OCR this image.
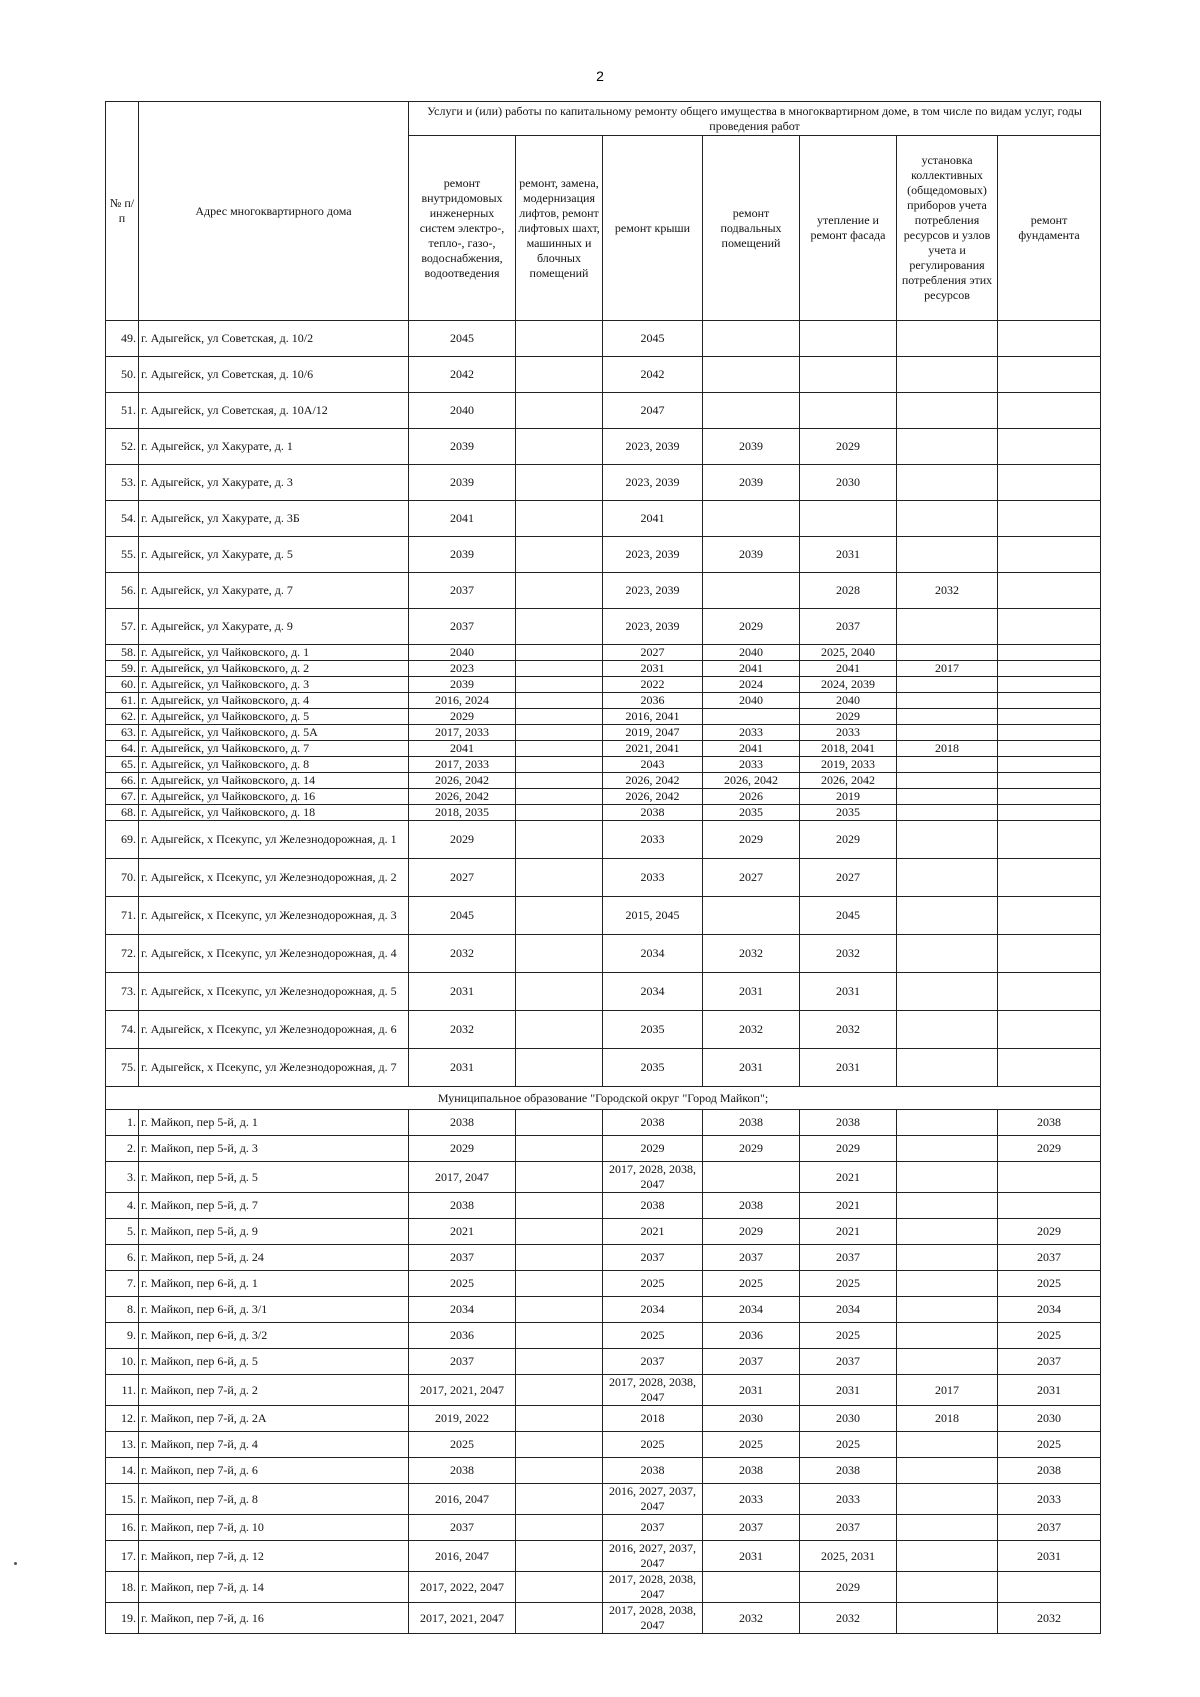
2
№ п/п	Адрес многоквартирного дома	Услуги и (или) работы по капитальному ремонту общего имущества в многоквартирном доме, в том числе по видам услуг, годы проведения работ						
		ремонт внутридомовых инженерных систем электро-, тепло-, газо-, водоснабжения, водоотведения	ремонт, замена, модернизация лифтов, ремонт лифтовых шахт, машинных и блочных помещений	ремонт крыши	ремонт подвальных помещений	утепление и ремонт фасада	установка коллективных (общедомовых) приборов учета потребления ресурсов и узлов учета и регулирования потребления этих ресурсов	ремонт фундамента
49.	г. Адыгейск, ул Советская, д. 10/2	2045		2045				
50.	г. Адыгейск, ул Советская, д. 10/6	2042		2042				
51.	г. Адыгейск, ул Советская, д. 10А/12	2040		2047				
52.	г. Адыгейск, ул Хакурате, д. 1	2039		2023, 2039	2039	2029		
53.	г. Адыгейск, ул Хакурате, д. 3	2039		2023, 2039	2039	2030		
54.	г. Адыгейск, ул Хакурате, д. 3Б	2041		2041				
55.	г. Адыгейск, ул Хакурате, д. 5	2039		2023, 2039	2039	2031		
56.	г. Адыгейск, ул Хакурате, д. 7	2037		2023, 2039		2028	2032	
57.	г. Адыгейск, ул Хакурате, д. 9	2037		2023, 2039	2029	2037		
58.	г. Адыгейск, ул Чайковского, д. 1	2040		2027	2040	2025, 2040		
59.	г. Адыгейск, ул Чайковского, д. 2	2023		2031	2041	2041	2017	
60.	г. Адыгейск, ул Чайковского, д. 3	2039		2022	2024	2024, 2039		
61.	г. Адыгейск, ул Чайковского, д. 4	2016, 2024		2036	2040	2040		
62.	г. Адыгейск, ул Чайковского, д. 5	2029		2016, 2041		2029		
63.	г. Адыгейск, ул Чайковского, д. 5А	2017, 2033		2019, 2047	2033	2033		
64.	г. Адыгейск, ул Чайковского, д. 7	2041		2021, 2041	2041	2018, 2041	2018	
65.	г. Адыгейск, ул Чайковского, д. 8	2017, 2033		2043	2033	2019, 2033		
66.	г. Адыгейск, ул Чайковского, д. 14	2026, 2042		2026, 2042	2026, 2042	2026, 2042		
67.	г. Адыгейск, ул Чайковского, д. 16	2026, 2042		2026, 2042	2026	2019		
68.	г. Адыгейск, ул Чайковского, д. 18	2018, 2035		2038	2035	2035		
69.	г. Адыгейск, х Псекупс, ул Железнодорожная, д. 1	2029		2033	2029	2029		
70.	г. Адыгейск, х Псекупс, ул Железнодорожная, д. 2	2027		2033	2027	2027		
71.	г. Адыгейск, х Псекупс, ул Железнодорожная, д. 3	2045		2015, 2045		2045		
72.	г. Адыгейск, х Псекупс, ул Железнодорожная, д. 4	2032		2034	2032	2032		
73.	г. Адыгейск, х Псекупс, ул Железнодорожная, д. 5	2031		2034	2031	2031		
74.	г. Адыгейск, х Псекупс, ул Железнодорожная, д. 6	2032		2035	2032	2032		
75.	г. Адыгейск, х Псекупс, ул Железнодорожная, д. 7	2031		2035	2031	2031		
Муниципальное образование "Городской округ "Город Майкоп";								
1.	г. Майкоп, пер 5-й, д. 1	2038		2038	2038	2038		2038
2.	г. Майкоп, пер 5-й, д. 3	2029		2029	2029	2029		2029
3.	г. Майкоп, пер 5-й, д. 5	2017, 2047		2017, 2028, 2038, 2047		2021		
4.	г. Майкоп, пер 5-й, д. 7	2038		2038	2038	2021		
5.	г. Майкоп, пер 5-й, д. 9	2021		2021	2029	2021		2029
6.	г. Майкоп, пер 5-й, д. 24	2037		2037	2037	2037		2037
7.	г. Майкоп, пер 6-й, д. 1	2025		2025	2025	2025		2025
8.	г. Майкоп, пер 6-й, д. 3/1	2034		2034	2034	2034		2034
9.	г. Майкоп, пер 6-й, д. 3/2	2036		2025	2036	2025		2025
10.	г. Майкоп, пер 6-й, д. 5	2037		2037	2037	2037		2037
11.	г. Майкоп, пер 7-й, д. 2	2017, 2021, 2047		2017, 2028, 2038, 2047	2031	2031	2017	2031
12.	г. Майкоп, пер 7-й, д. 2А	2019, 2022		2018	2030	2030	2018	2030
13.	г. Майкоп, пер 7-й, д. 4	2025		2025	2025	2025		2025
14.	г. Майкоп, пер 7-й, д. 6	2038		2038	2038	2038		2038
15.	г. Майкоп, пер 7-й, д. 8	2016, 2047		2016, 2027, 2037, 2047	2033	2033		2033
16.	г. Майкоп, пер 7-й, д. 10	2037		2037	2037	2037		2037
17.	г. Майкоп, пер 7-й, д. 12	2016, 2047		2016, 2027, 2037, 2047	2031	2025, 2031		2031
18.	г. Майкоп, пер 7-й, д. 14	2017, 2022, 2047		2017, 2028, 2038, 2047		2029		
19.	г. Майкоп, пер 7-й, д. 16	2017, 2021, 2047		2017, 2028, 2038, 2047	2032	2032		2032
